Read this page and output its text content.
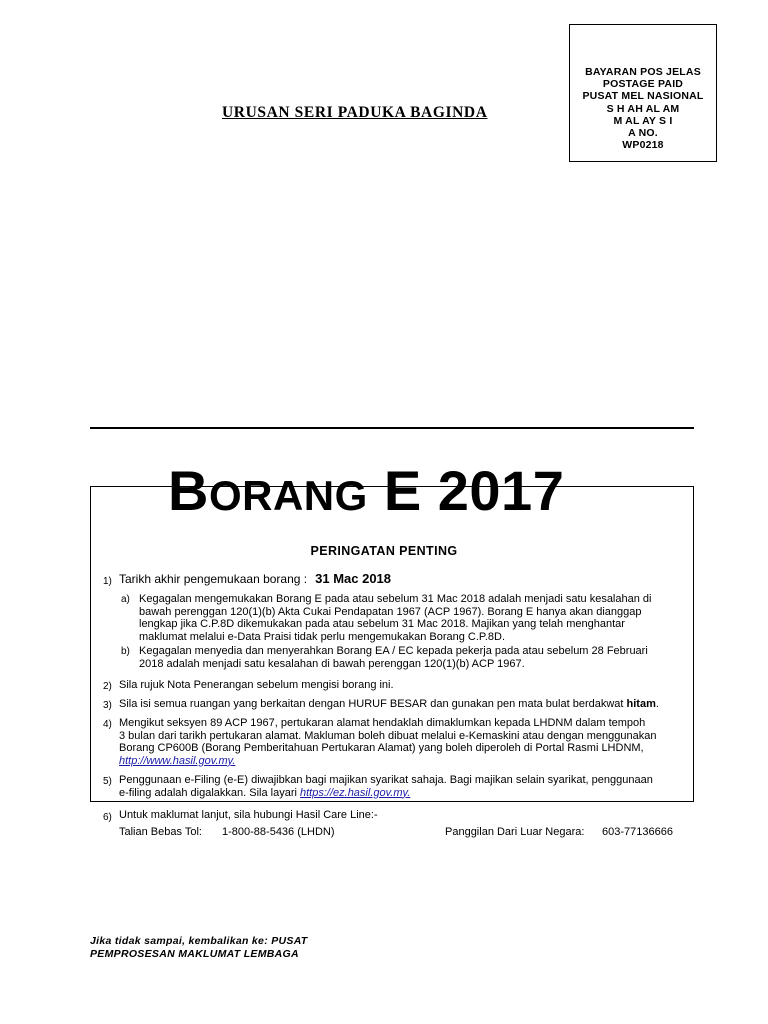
BAYARAN POS JELAS
POSTAGE PAID
PUSAT MEL NASIONAL
S H AH AL AM
M AL AY S I
A NO.
WP0218
URUSAN SERI PADUKA BAGINDA
BORANG E 2017
PERINGATAN PENTING
1) Tarikh akhir pengemukaan borang : 31 Mac 2018
a) Kegagalan mengemukakan Borang E pada atau sebelum 31 Mac 2018 adalah menjadi satu kesalahan di
bawah perenggan 120(1)(b) Akta Cukai Pendapatan 1967 (ACP 1967). Borang E hanya akan dianggap
lengkap jika C.P.8D dikemukakan pada atau sebelum 31 Mac 2018. Majikan yang telah menghantar
maklumat melalui e-Data Praisi tidak perlu mengemukakan Borang C.P.8D.
b) Kegagalan menyedia dan menyerahkan Borang EA / EC kepada pekerja pada atau sebelum 28 Februari
2018 adalah menjadi satu kesalahan di bawah perenggan 120(1)(b) ACP 1967.
2) Sila rujuk Nota Penerangan sebelum mengisi borang ini.
3) Sila isi semua ruangan yang berkaitan dengan HURUF BESAR dan gunakan pen mata bulat berdakwat hitam.
4) Mengikut seksyen 89 ACP 1967, pertukaran alamat hendaklah dimaklumkan kepada LHDNM dalam tempoh
3 bulan dari tarikh pertukaran alamat. Makluman boleh dibuat melalui e-Kemaskini atau dengan menggunakan
Borang CP600B (Borang Pemberitahuan Pertukaran Alamat) yang boleh diperoleh di Portal Rasmi LHDNM,
http://www.hasil.gov.my.
5) Penggunaan e-Filing (e-E) diwajibkan bagi majikan syarikat sahaja. Bagi majikan selain syarikat, penggunaan
e-filing adalah digalakkan. Sila layari https://ez.hasil.gov.my.
6) Untuk maklumat lanjut, sila hubungi Hasil Care Line:-
Talian Bebas Tol: 1-800-88-5436 (LHDN)	Panggilan Dari Luar Negara: 603-77136666
Jika tidak sampai, kembalikan ke: PUSAT
PEMPROSESAN MAKLUMAT LEMBAGA
